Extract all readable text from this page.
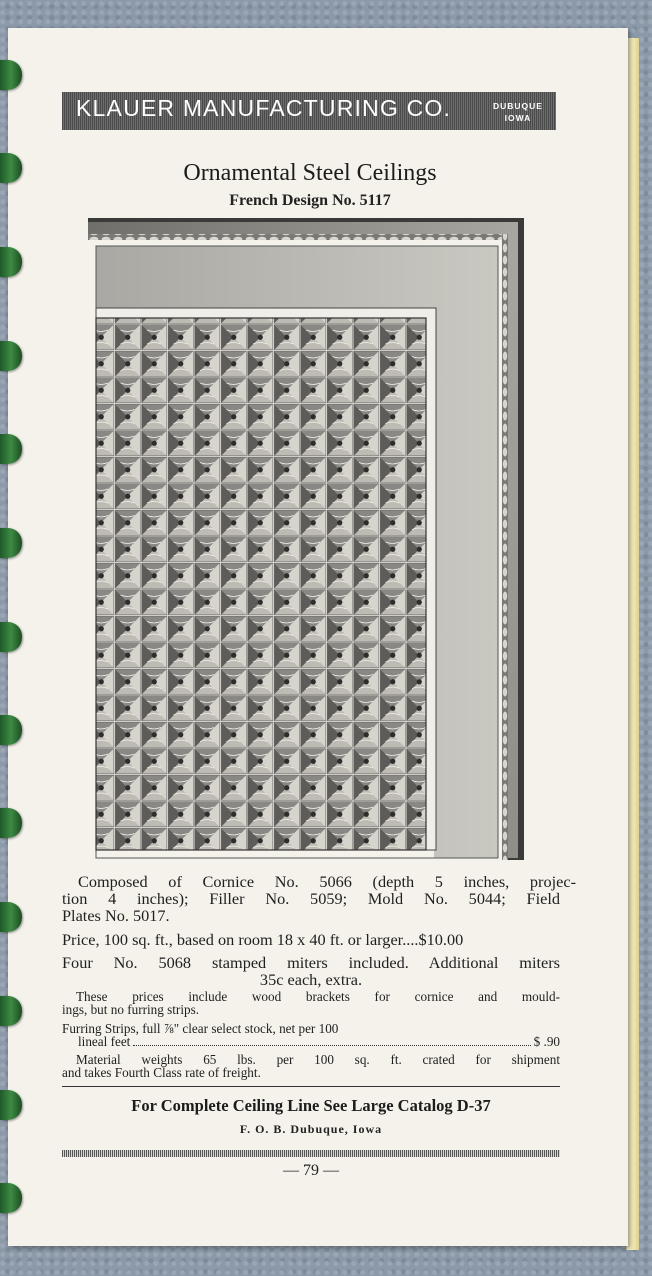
KLAUER MANUFACTURING CO.	DUBUQUE
IOWA
Ornamental Steel Ceilings
French Design No. 5117
Composed of Cornice No. 5066 (depth 5 inches, projec-
tion 4 inches); Filler No. 5059; Mold No. 5044; Field
Plates No. 5017.
Price, 100 sq. ft., based on room 18 x 40 ft. or larger.... $10.00
Four No. 5068 stamped miters included. Additional miters
35c each, extra.
These prices include wood brackets for cornice and mould-
ings, but no furring strips.
Furring Strips, full ⅞" clear select stock, net per 100
lineal feet	$ .90
Material weights 65 lbs. per 100 sq. ft. crated for shipment
and takes Fourth Class rate of freight.
For Complete Ceiling Line See Large Catalog D-37
F. O. B. Dubuque, Iowa
— 79 —
